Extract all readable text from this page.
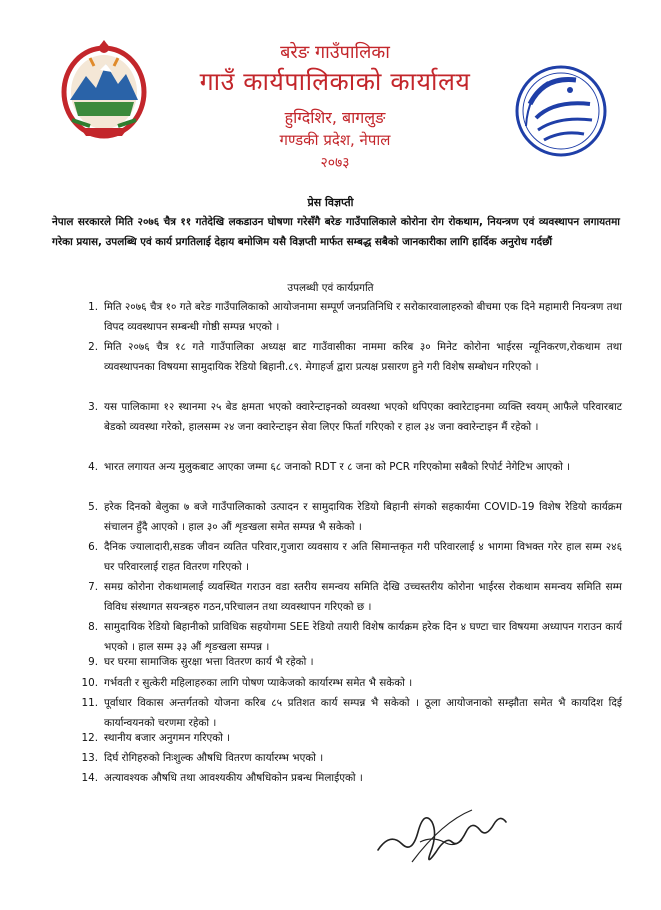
बरेङ गाउँपालिका
गाउँ कार्यपालिकाको कार्यालय
हुग्दिशिर, बागलुङ
गण्डकी प्रदेश, नेपाल
२०७३
प्रेस विज्ञप्ती
नेपाल सरकारले मिति २०७६ चैत्र ११ गतेदेखि लकडाउन घोषणा गरेसँगै बरेङ गाउँपालिकाले कोरोना रोग रोकथाम, नियन्त्रण एवं व्यवस्थापन लगायतमा गरेका प्रयास, उपलब्धि एवं कार्य प्रगतिलाई देहाय बमोजिम यसै विज्ञप्ती मार्फत सम्बद्ध सबैको जानकारीका लागि हार्दिक अनुरोध गर्दछौं
उपलब्धी एवं कार्यप्रगति
1. मिति २०७६ चैत्र १० गते बरेङ गाउँपालिकाको आयोजनामा सम्पूर्ण जनप्रतिनिधि र सरोकारवालाहरुको बीचमा एक दिने महामारी नियन्त्रण तथा विपद व्यवस्थापन सम्बन्धी गोष्ठी सम्पन्न भएको ।
2. मिति २०७६ चैत्र १८ गते गाउँपालिका अध्यक्ष बाट गाउँवासीका नाममा करिब ३० मिनेट कोरोना भाईरस न्यूनिकरण,रोकथाम तथा व्यवस्थापनका विषयमा सामुदायिक रेडियो बिहानी.८९. मेगाहर्ज द्वारा प्रत्यक्ष प्रसारण हुने गरी विशेष सम्बोधन गरिएको ।
3. यस पालिकामा १२ स्थानमा २५ बेड क्षमता भएको क्वारेन्टाइनको व्यवस्था भएको थपिएका क्वारेटाइनमा व्यक्ति स्वयम् आफैले परिवारबाट बेडको व्यवस्था गरेको, हालसम्म २४ जना क्वारेन्टाइन सेवा लिएर फिर्ता गरिएको र हाल ३४ जना क्वारेन्टाइन मैं रहेको ।
4. भारत लगायत अन्य मुलुकबाट आएका जम्मा ६८ जनाको RDT र ८ जना को PCR गरिएकोमा सबैको रिपोर्ट नेगेटिभ आएको ।
5. हरेक दिनको बेलुका ७ बजे गाउँपालिकाको उत्पादन र सामुदायिक रेडियो बिहानी संगको सहकार्यमा COVID-19 विशेष रेडियो कार्यक्रम संचालन हुँदै आएको । हाल ३० औं शृङखला समेत सम्पन्न भै सकेको ।
6. दैनिक ज्यालादारी,सडक जीवन व्यतित परिवार,गुजारा व्यवसाय र अति सिमान्तकृत गरी परिवारलाई ४ भागमा विभक्त गरेर हाल सम्म २४६ घर परिवारलाई राहत वितरण गरिएको ।
7. समग्र कोरोना रोकथामलाई व्यवस्थित गराउन वडा स्तरीय समन्वय समिति देखि उच्चस्तरीय कोरोना भाईरस रोकथाम समन्वय समिति सम्म विविध संस्थागत सयन्त्रहरु गठन,परिचालन तथा व्यवस्थापन गरिएको छ ।
8. सामुदायिक रेडियो बिहानीको प्राविधिक सहयोगमा SEE रेडियो तयारी विशेष कार्यक्रम हरेक दिन ४ घण्टा चार विषयमा अध्यापन गराउन कार्य भएको । हाल सम्म ३३ औं शृङखला सम्पन्न ।
9. घर घरमा सामाजिक सुरक्षा भत्ता वितरण कार्य भै रहेको ।
10. गर्भवती र सुत्केरी महिलाहरुका लागि पोषण प्याकेजको कार्यारम्भ समेत भै सकेको ।
11. पूर्वाधार विकास अन्तर्गतको योजना करिब ८५ प्रतिशत कार्य सम्पन्न भै सकेको । ठूला आयोजनाको सम्झौता समेत भै कायदिश दिई कार्यान्वयनको चरणमा रहेको ।
12. स्थानीय बजार अनुगमन गरिएको ।
13. दिर्घ रोगिहरुको निःशुल्क औषधि वितरण कार्यारम्भ भएको ।
14. अत्यावश्यक औषधि तथा आवश्यकीय औषधिकोन प्रबन्ध मिलाईएको ।
